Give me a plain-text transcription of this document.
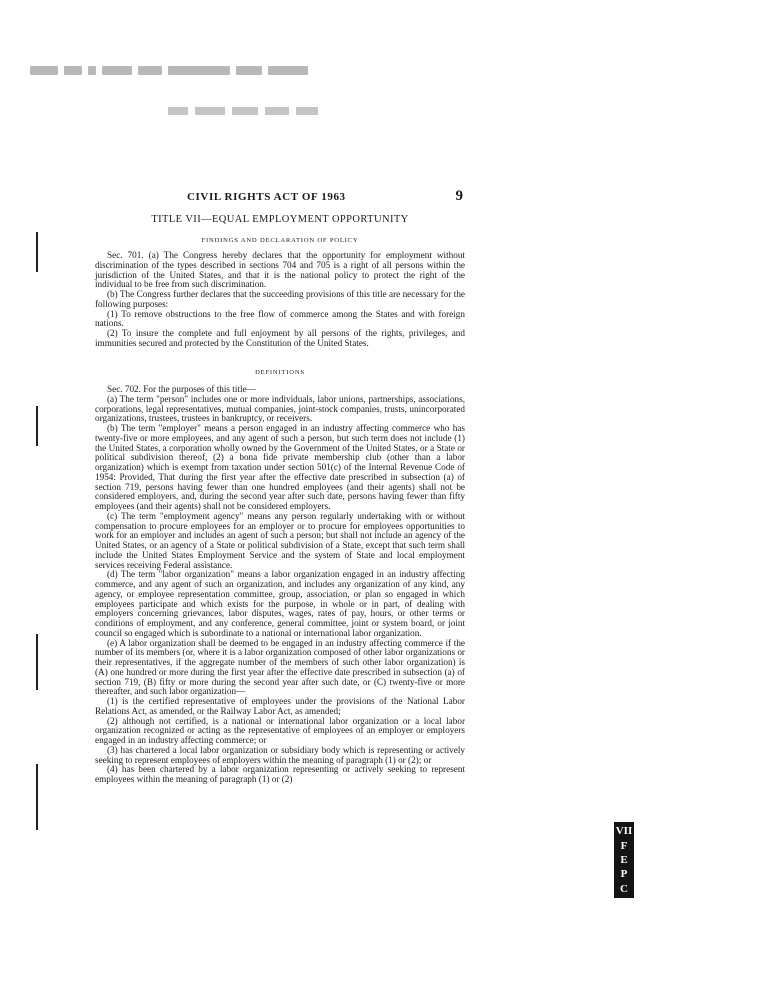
CIVIL RIGHTS ACT OF 1963	9
TITLE VII—EQUAL EMPLOYMENT OPPORTUNITY
FINDINGS AND DECLARATION OF POLICY

Sec. 701. (a) The Congress hereby declares that the opportunity for employment without discrimination of the types described in sections 704 and 705 is a right of all persons within the jurisdiction of the United States, and that it is the national policy to protect the right of the individual to be free from such discrimination.

(b) The Congress further declares that the succeeding provisions of this title are necessary for the following purposes:

(1) To remove obstructions to the free flow of commerce among the States and with foreign nations.

(2) To insure the complete and full enjoyment by all persons of the rights, privileges, and immunities secured and protected by the Constitution of the United States.

DEFINITIONS

Sec. 702. For the purposes of this title—

(a) The term "person" includes one or more individuals, labor unions, partnerships, associations, corporations, legal representatives, mutual companies, joint-stock companies, trusts, unincorporated organizations, trustees, trustees in bankruptcy, or receivers.

(b) The term "employer" means a person engaged in an industry affecting commerce who has twenty-five or more employees, and any agent of such a person, but such term does not include (1) the United States, a corporation wholly owned by the Government of the United States, or a State or political subdivision thereof, (2) a bona fide private membership club (other than a labor organization) which is exempt from taxation under section 501(c) of the Internal Revenue Code of 1954: Provided, That during the first year after the effective date prescribed in subsection (a) of section 719, persons having fewer than one hundred employees (and their agents) shall not be considered employers, and, during the second year after such date, persons having fewer than fifty employees (and their agents) shall not be considered employers.

(c) The term "employment agency" means any person regularly undertaking with or without compensation to procure employees for an employer or to procure for employees opportunities to work for an employer and includes an agent of such a person; but shall not include an agency of the United States, or an agency of a State or political subdivision of a State, except that such term shall include the United States Employment Service and the system of State and local employment services receiving Federal assistance.

(d) The term "labor organization" means a labor organization engaged in an industry affecting commerce, and any agent of such an organization, and includes any organization of any kind, any agency, or employee representation committee, group, association, or plan so engaged in which employees participate and which exists for the purpose, in whole or in part, of dealing with employers concerning grievances, labor disputes, wages, rates of pay, hours, or other terms or conditions of employment, and any conference, general committee, joint or system board, or joint council so engaged which is subordinate to a national or international labor organization.

(e) A labor organization shall be deemed to be engaged in an industry affecting commerce if the number of its members (or, where it is a labor organization composed of other labor organizations or their representatives, if the aggregate number of the members of such other labor organization) is (A) one hundred or more during the first year after the effective date prescribed in subsection (a) of section 719, (B) fifty or more during the second year after such date, or (C) twenty-five or more thereafter, and such labor organization—

(1) is the certified representative of employees under the provisions of the National Labor Relations Act, as amended, or the Railway Labor Act, as amended;

(2) although not certified, is a national or international labor organization or a local labor organization recognized or acting as the representative of employees of an employer or employers engaged in an industry affecting commerce; or

(3) has chartered a local labor organization or subsidiary body which is representing or actively seeking to represent employees of employers within the meaning of paragraph (1) or (2); or

(4) has been chartered by a labor organization representing or actively seeking to represent employees within the meaning of paragraph (1) or (2)

VII
F
E
P
C
